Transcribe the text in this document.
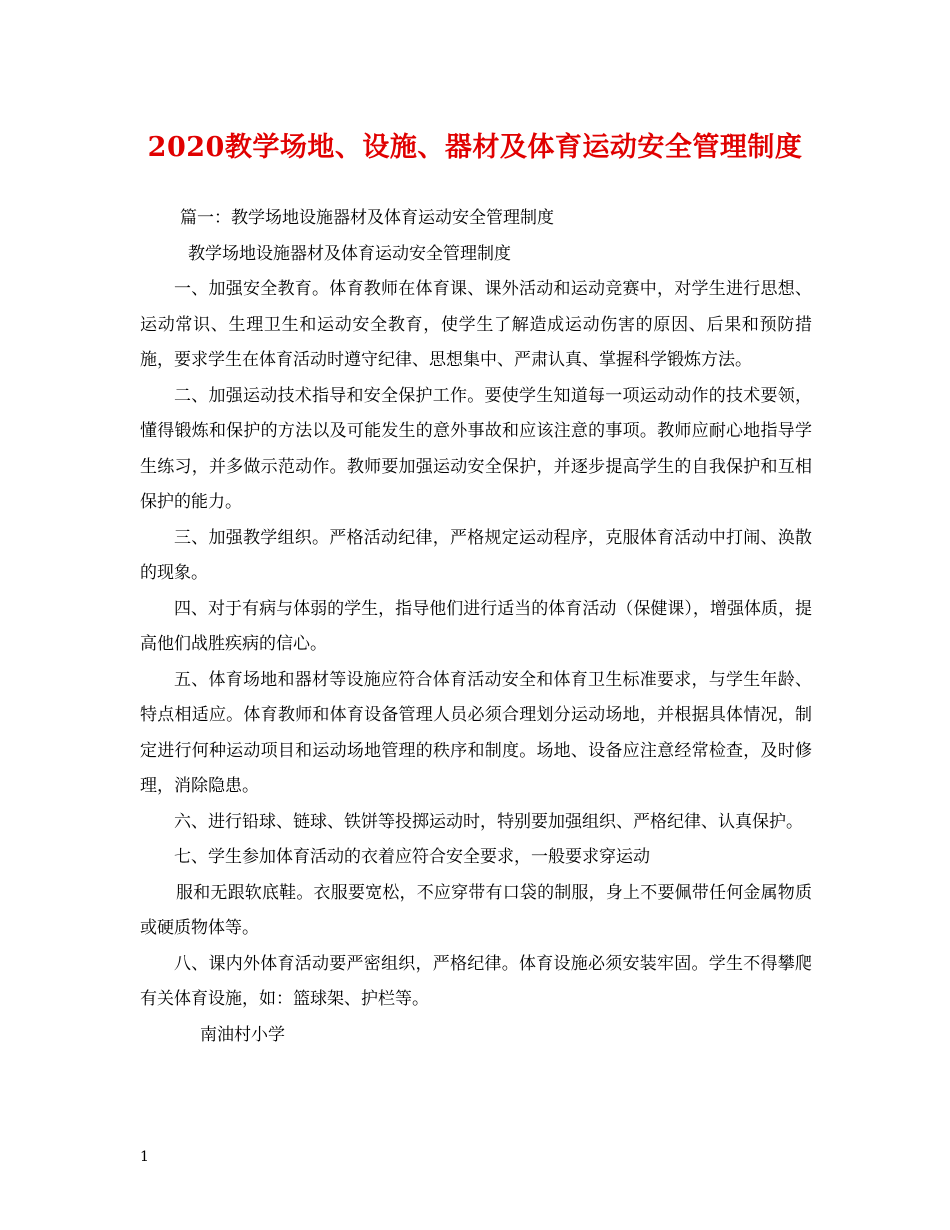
2020教学场地、设施、器材及体育运动安全管理制度

篇一：教学场地设施器材及体育运动安全管理制度

教学场地设施器材及体育运动安全管理制度

一、加强安全教育。体育教师在体育课、课外活动和运动竞赛中，对学生进行思想、运动常识、生理卫生和运动安全教育，使学生了解造成运动伤害的原因、后果和预防措施，要求学生在体育活动时遵守纪律、思想集中、严肃认真、掌握科学锻炼方法。

二、加强运动技术指导和安全保护工作。要使学生知道每一项运动动作的技术要领，懂得锻炼和保护的方法以及可能发生的意外事故和应该注意的事项。教师应耐心地指导学生练习，并多做示范动作。教师要加强运动安全保护，并逐步提高学生的自我保护和互相保护的能力。

三、加强教学组织。严格活动纪律，严格规定运动程序，克服体育活动中打闹、涣散的现象。

四、对于有病与体弱的学生，指导他们进行适当的体育活动（保健课），增强体质，提高他们战胜疾病的信心。

五、体育场地和器材等设施应符合体育活动安全和体育卫生标准要求，与学生年龄、特点相适应。体育教师和体育设备管理人员必须合理划分运动场地，并根据具体情况，制定进行何种运动项目和运动场地管理的秩序和制度。场地、设备应注意经常检查，及时修理，消除隐患。

六、进行铅球、链球、铁饼等投掷运动时，特别要加强组织、严格纪律、认真保护。

七、学生参加体育活动的衣着应符合安全要求，一般要求穿运动

服和无跟软底鞋。衣服要宽松，不应穿带有口袋的制服，身上不要佩带任何金属物质或硬质物体等。

八、课内外体育活动要严密组织，严格纪律。体育设施必须安装牢固。学生不得攀爬有关体育设施，如：篮球架、护栏等。

南油村小学

1
